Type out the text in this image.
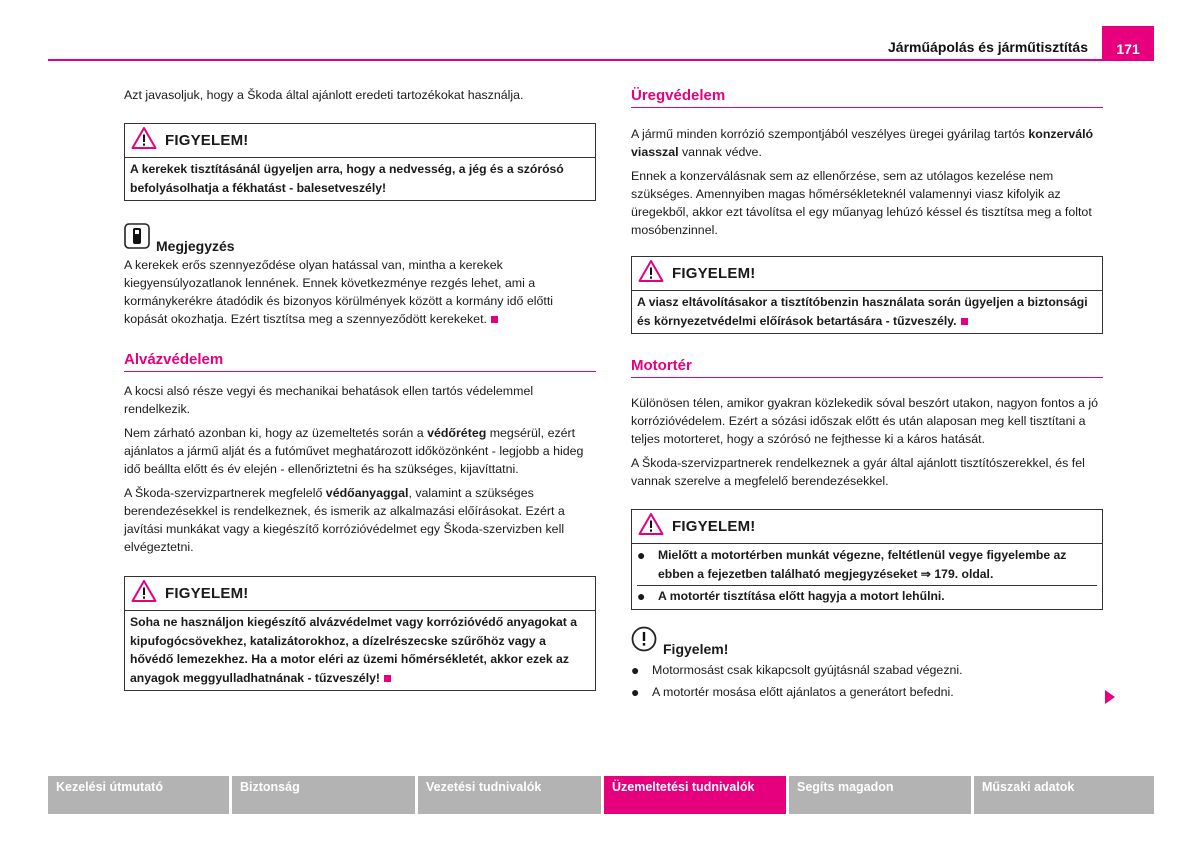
Járműápolás és járműtisztítás	171

Azt javasoljuk, hogy a Škoda által ajánlott eredeti tartozékokat használja.

FIGYELEM!
A kerekek tisztításánál ügyeljen arra, hogy a nedvesség, a jég és a szórósó befolyásolhatja a fékhatást - balesetveszély!
Megjegyzés

A kerekek erős szennyeződése olyan hatással van, mintha a kerekek kiegyensúlyozatlanok lennének. Ennek következménye rezgés lehet, ami a kormánykerékre átadódik és bizonyos körülmények között a kormány idő előtti kopását okozhatja. Ezért tisztítsa meg a szennyeződött kerekeket.

Alvázvédelem

A kocsi alsó része vegyi és mechanikai behatások ellen tartós védelemmel rendelkezik.

Nem zárható azonban ki, hogy az üzemeltetés során a védőréteg megsérül, ezért ajánlatos a jármű alját és a futóművet meghatározott időközönként - legjobb a hideg idő beállta előtt és év elején - ellenőriztetni és ha szükséges, kijavíttatni.

A Škoda-szervizpartnerek megfelelő védőanyaggal, valamint a szükséges berendezésekkel is rendelkeznek, és ismerik az alkalmazási előírásokat. Ezért a javítási munkákat vagy a kiegészítő korrózióvédelmet egy Škoda-szervizben kell elvégeztetni.

FIGYELEM!
Soha ne használjon kiegészítő alvázvédelmet vagy korrózióvédő anyagokat a kipufogócsövekhez, katalizátorokhoz, a dízelrészecske szűrőhöz vagy a hővédő lemezekhez. Ha a motor eléri az üzemi hőmérsékletét, akkor ezek az anyagok meggyulladhatnának - tűzveszély!
Üregvédelem

A jármű minden korrózió szempontjából veszélyes üregei gyárilag tartós konzerváló viasszal vannak védve.

Ennek a konzerválásnak sem az ellenőrzése, sem az utólagos kezelése nem szükséges. Amennyiben magas hőmérsékleteknél valamennyi viasz kifolyik az üregekből, akkor ezt távolítsa el egy műanyag lehúzó késsel és tisztítsa meg a foltot mosóbenzinnel.

FIGYELEM!
A viasz eltávolításakor a tisztítóbenzin használata során ügyeljen a biztonsági és környezetvédelmi előírások betartására - tűzveszély.
Motortér

Különösen télen, amikor gyakran közlekedik sóval beszórt utakon, nagyon fontos a jó korrózióvédelem. Ezért a sózási időszak előtt és után alaposan meg kell tisztítani a teljes motorteret, hogy a szórósó ne fejthesse ki a káros hatását.

A Škoda-szervizpartnerek rendelkeznek a gyár által ajánlott tisztítószerekkel, és fel vannak szerelve a megfelelő berendezésekkel.

FIGYELEM!
●	Mielőtt a motortérben munkát végezne, feltétlenül vegye figyelembe az ebben a fejezetben található megjegyzéseket ⇒ 179. oldal.
●	A motortér tisztítása előtt hagyja a motort lehűlni.
Figyelem!
●	Motormosást csak kikapcsolt gyújtásnál szabad végezni.
●	A motortér mosása előtt ajánlatos a generátort befedni.
Kezelési útmutató	Biztonság	Vezetési tudnivalók	Üzemeltetési tudnivalók	Segíts magadon	Műszaki adatok
